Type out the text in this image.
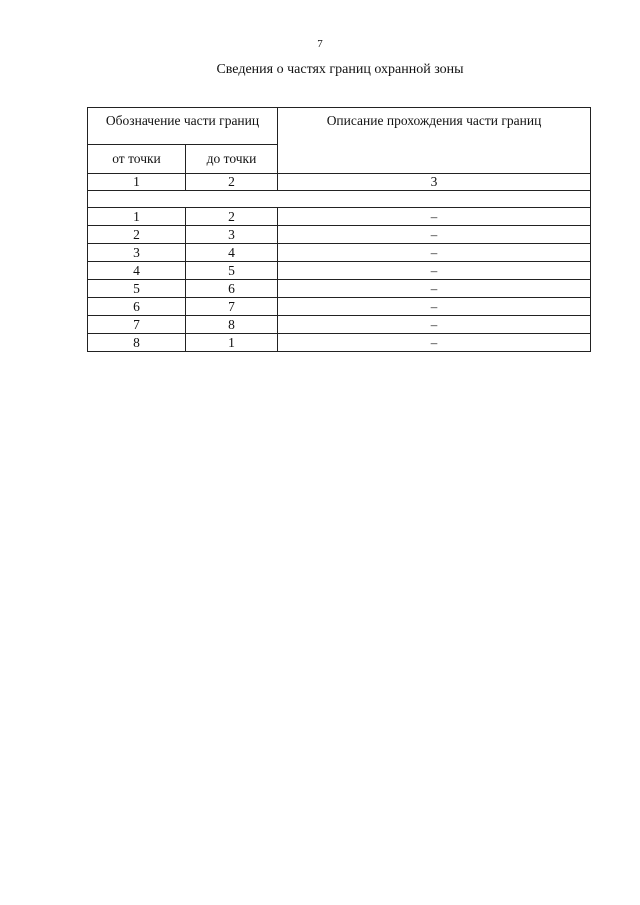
7
Сведения о частях границ охранной зоны
Обозначение части границ		Описание прохождения части границ
от точки	до точки	
1	2	3

1	2	–
2	3	–
3	4	–
4	5	–
5	6	–
6	7	–
7	8	–
8	1	–
